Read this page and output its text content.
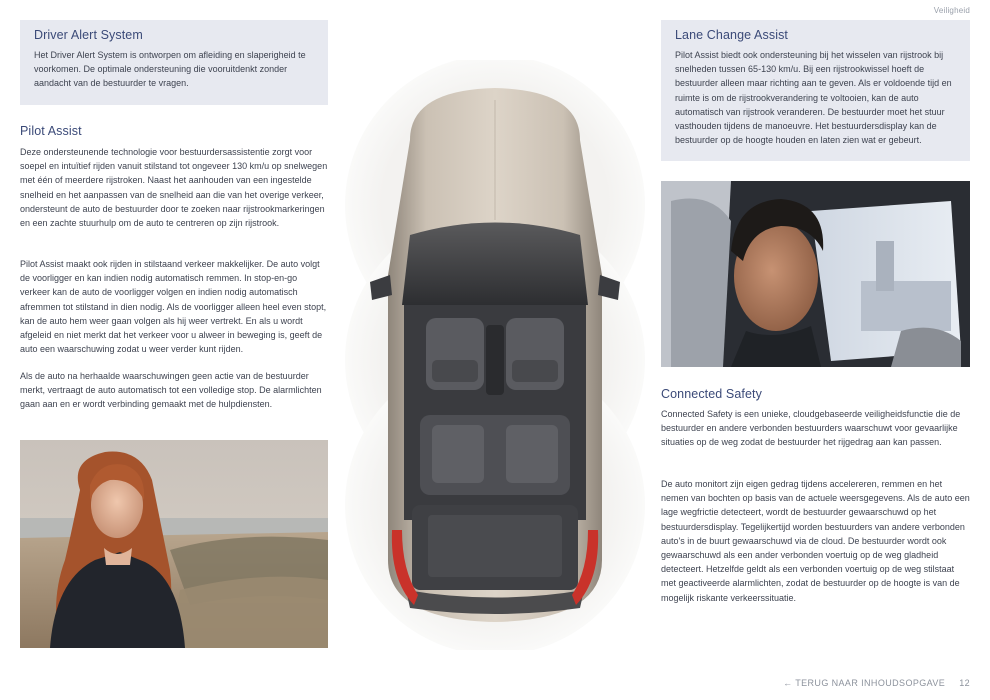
Veiligheid
Driver Alert System

Het Driver Alert System is ontworpen om afleiding en slaperigheid te voorkomen. De optimale ondersteuning die vooruitdenkt zonder aandacht van de bestuurder te vragen.

Pilot Assist

Deze ondersteunende technologie voor bestuurdersassistentie zorgt voor soepel en intuïtief rijden vanuit stilstand tot ongeveer 130 km/u op snelwegen met één of meerdere rijstroken. Naast het aanhouden van een ingestelde snelheid en het aanpassen van de snelheid aan die van het overige verkeer, ondersteunt de auto de bestuurder door te zoeken naar rijstrookmarkeringen en een zachte stuurhulp om de auto te centreren op zijn rijstrook.

Pilot Assist maakt ook rijden in stilstaand verkeer makkelijker. De auto volgt de voorligger en kan indien nodig automatisch remmen. In stop-en-go verkeer kan de auto de voorligger volgen en indien nodig automatisch afremmen tot stilstand in dien nodig. Als de voorligger alleen heel even stopt, kan de auto hem weer gaan volgen als hij weer vertrekt. En als u wordt afgeleid en niet merkt dat het verkeer voor u alweer in beweging is, geeft de auto een waarschuwing zodat u weer verder kunt rijden.

Als de auto na herhaalde waarschuwingen geen actie van de bestuurder merkt, vertraagt de auto automatisch tot een volledige stop. De alarmlichten gaan aan en er wordt verbinding gemaakt met de hulpdiensten.

Lane Change Assist

Pilot Assist biedt ook ondersteuning bij het wisselen van rijstrook bij snelheden tussen 65-130 km/u. Bij een rijstrookwissel hoeft de bestuurder alleen maar richting aan te geven. Als er voldoende tijd en ruimte is om de rijstrookverandering te voltooien, kan de auto automatisch van rijstrook veranderen. De bestuurder moet het stuur vasthouden tijdens de manoeuvre. Het bestuurdersdisplay kan de bestuurder op de hoogte houden en laten zien wat er gebeurt.

Connected Safety

Connected Safety is een unieke, cloudgebaseerde veiligheidsfunctie die de bestuurder en andere verbonden bestuurders waarschuwt voor gevaarlijke situaties op de weg zodat de bestuurder het rijgedrag aan kan passen.

De auto monitort zijn eigen gedrag tijdens accelereren, remmen en het nemen van bochten op basis van de actuele weersgegevens. Als de auto een lage wegfrictie detecteert, wordt de bestuurder gewaarschuwd op het bestuurdersdisplay. Tegelijkertijd worden bestuurders van andere verbonden auto's in de buurt gewaarschuwd via de cloud. De bestuurder wordt ook gewaarschuwd als een ander verbonden voertuig op de weg gladheid detecteert. Hetzelfde geldt als een verbonden voertuig op de weg stilstaat met geactiveerde alarmlichten, zodat de bestuurder op de hoogte is van de mogelijk riskante verkeerssituatie.

← TERUG NAAR INHOUDSOPGAVE 12
